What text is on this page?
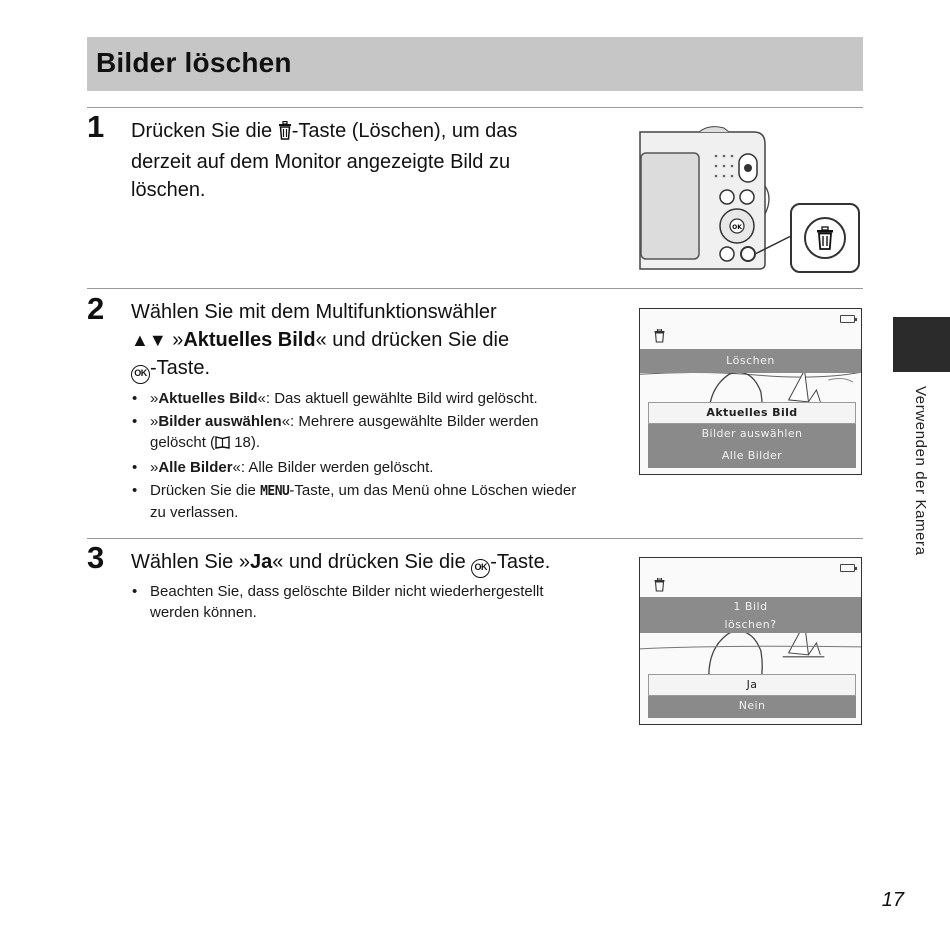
Bilder löschen
1 Drücken Sie die -Taste (Löschen), um das
derzeit auf dem Monitor angezeigte Bild zu
löschen.
OK
2 Wählen Sie mit dem Multifunktionswähler
▲▼ »Aktuelles Bild« und drücken Sie die
OK -Taste.
• »Aktuelles Bild«: Das aktuell gewählte Bild wird gelöscht.
• »Bilder auswählen«: Mehrere ausgewählte Bilder werden
gelöscht ( 18).
• »Alle Bilder«: Alle Bilder werden gelöscht.
• Drücken Sie die MENU-Taste, um das Menü ohne Löschen wieder
zu verlassen.
Löschen
Aktuelles Bild
Bilder auswählen
Alle Bilder
3 Wählen Sie »Ja« und drücken Sie die OK -Taste.
• Beachten Sie, dass gelöschte Bilder nicht wiederhergestellt
werden können.	1 Bild
löschen?
Ja
Nein
Verwenden der Kamera
17
